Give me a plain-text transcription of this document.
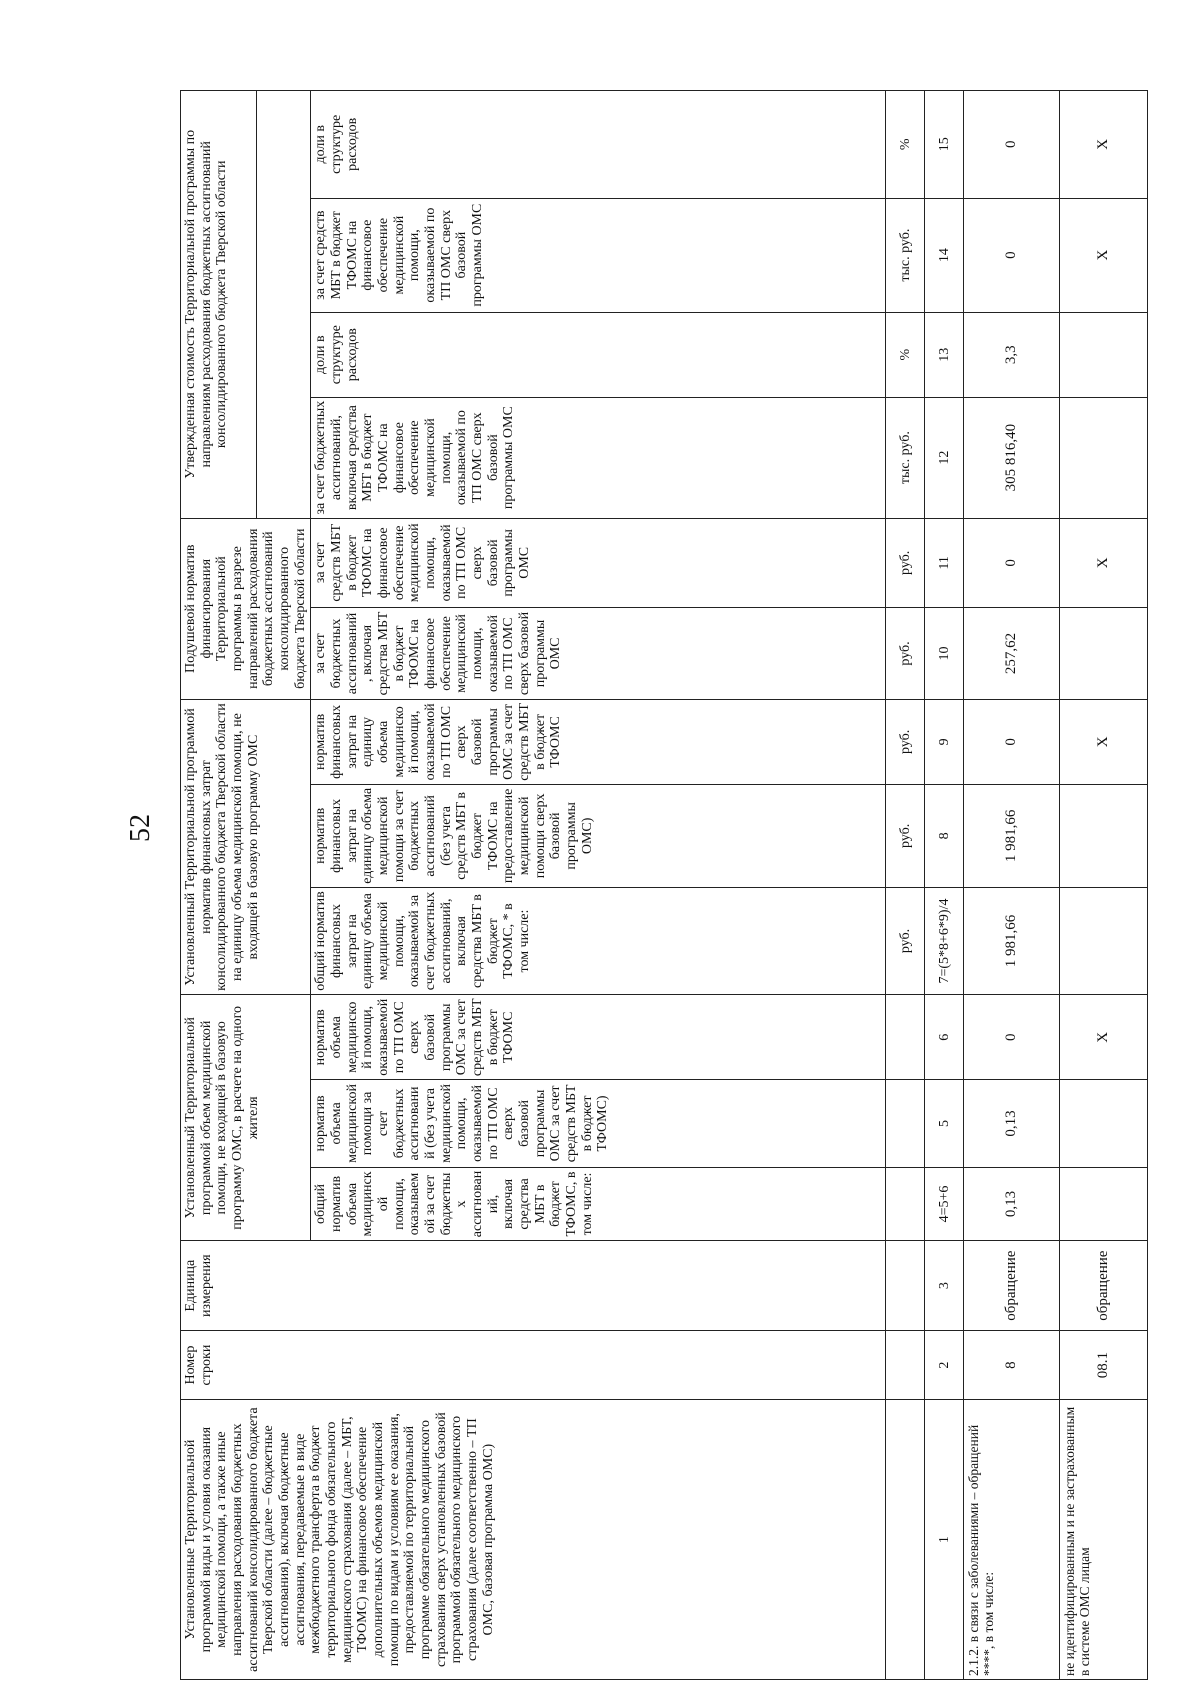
52
Установленные Территориальной программой виды и условия оказания медицинской помощи, а также иные направления расходования бюджетных ассигнований консолидированного бюджета Тверской области (далее – бюджетные ассигнования), включая бюджетные ассигнования, передаваемые в виде межбюджетного трансферта в бюджет территориального фонда обязательного медицинского страхования (далее – МБТ, ТФОМС) на финансовое обеспечение дополнительных объемов медицинской помощи по видам и условиям ее оказания, предоставляемой по территориальной программе обязательного медицинского страхования сверх установленных базовой программой обязательного медицинского страхования (далее соответственно – ТП ОМС, базовая программа ОМС)	Номер строки	Единица измерения	Установленный Территориальной программой объем медицинской помощи, не входящей в базовую программу ОМС, в расчете на одного жителя			Установленный Территориальной программой норматив финансовых затрат консолидированного бюджета Тверской области на единицу объема медицинской помощи, не входящей в базовую программу ОМС			Подушевой норматив финансирования Территориальной программы в разрезе направлений расходования бюджетных ассигнований консолидированного бюджета Тверской области		Утвержденная стоимость Территориальной программы по направлениям расходования бюджетных ассигнований консолидированного бюджета Тверской области			

			общий норматив объема медицинской помощи, оказываемой за счет бюджетных ассигнований, включая средства МБТ в бюджет ТФОМС, в том числе:	норматив объема медицинской помощи за счет бюджетных ассигнований (без учета медицинской помощи, оказываемой по ТП ОМС сверх базовой программы ОМС за счет средств МБТ в бюджет ТФОМС)	норматив объема медицинской помощи, оказываемой по ТП ОМС сверх базовой программы ОМС за счет средств МБТ в бюджет ТФОМС	общий норматив финансовых затрат на единицу объема медицинской помощи, оказываемой за счет бюджетных ассигнований, включая средства МБТ в бюджет ТФОМС, * в том числе:	норматив финансовых затрат на единицу объема медицинской помощи за счет бюджетных ассигнований (без учета средств МБТ в бюджет ТФОМС на предоставление медицинской помощи сверх базовой программы ОМС)	норматив финансовых затрат на единицу объема медицинской помощи, оказываемой по ТП ОМС сверх базовой программы ОМС за счет средств МБТ в бюджет ТФОМС	за счет бюджетных ассигнований, включая средства МБТ в бюджет ТФОМС на финансовое обеспечение медицинской помощи, оказываемой по ТП ОМС сверх базовой программы ОМС	за счет средств МБТ в бюджет ТФОМС на финансовое обеспечение медицинской помощи, оказываемой по ТП ОМС сверх базовой программы ОМС	за счет бюджетных ассигнований, включая средства МБТ в бюджет ТФОМС на финансовое обеспечение медицинской помощи, оказываемой по ТП ОМС сверх базовой программы ОМС	доли в структуре расходов	за счет средств МБТ в бюджет ТФОМС на финансовое обеспечение медицинской помощи, оказываемой по ТП ОМС сверх базовой программы ОМС	доли в структуре расходов
						руб.	руб.	руб.	руб.	руб.	тыс. руб.	%	тыс. руб.	%
1	2	3	4=5+6	5	6	7=(5*8+6*9)/4	8	9	10	11	12	13	14	15
2.1.2. в связи с заболеваниями – обращений ****, в том числе:	8	обращение	0,13	0,13	0	1 981,66	1 981,66	0	257,62	0	305 816,40	3,3	0	0
не идентифицированным и не застрахованным в системе ОМС лицам	08.1	обращение			Х			Х		Х			Х	Х
